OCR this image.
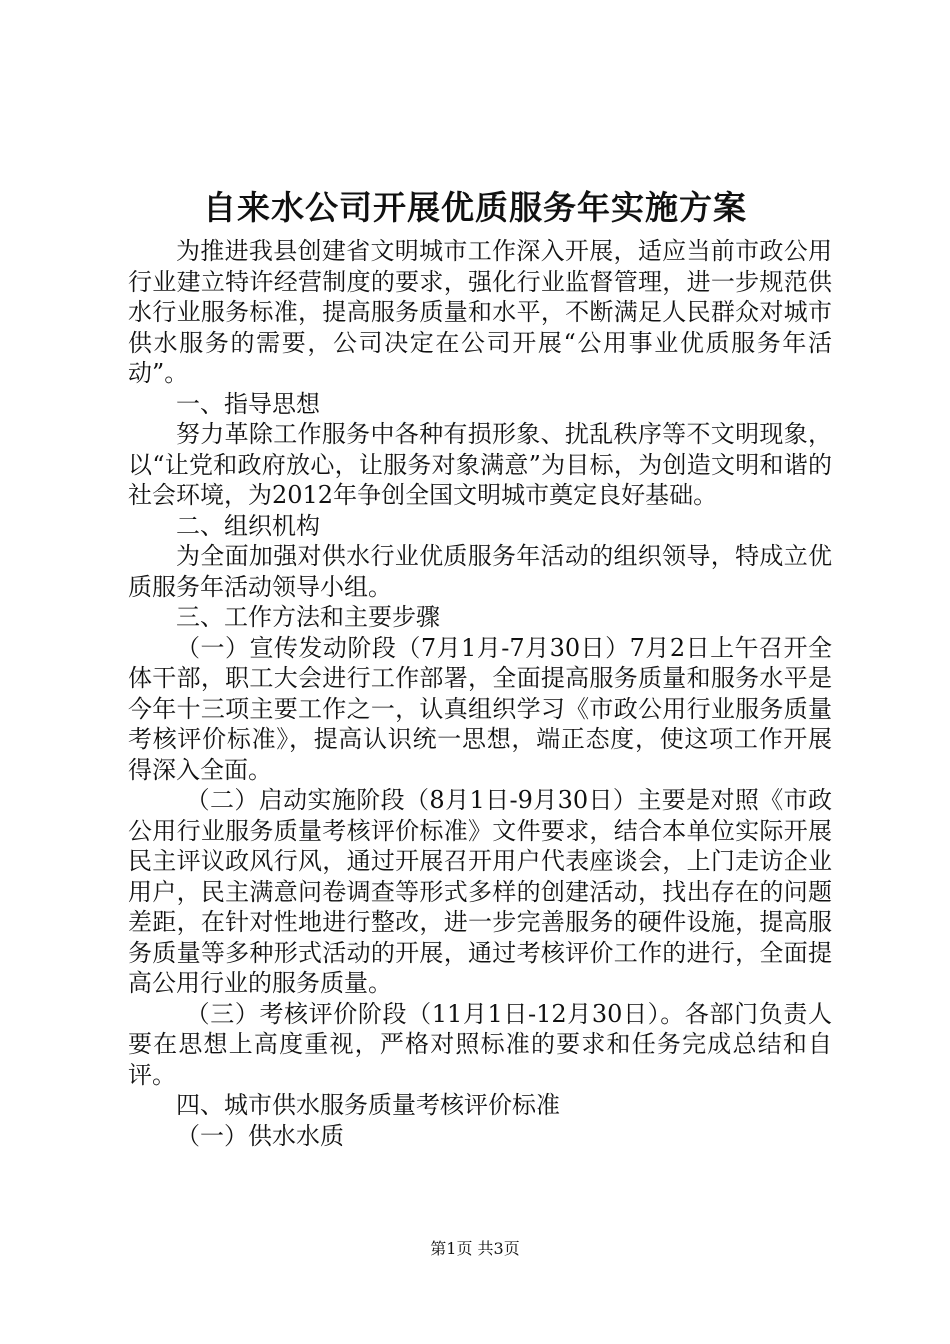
自来水公司开展优质服务年实施方案

为推进我县创建省文明城市工作深入开展，适应当前市政公用行业建立特许经营制度的要求，强化行业监督管理，进一步规范供水行业服务标准，提高服务质量和水平，不断满足人民群众对城市供水服务的需要，公司决定在公司开展“公用事业优质服务年活动”。

一、指导思想

努力革除工作服务中各种有损形象、扰乱秩序等不文明现象，以“让党和政府放心，让服务对象满意”为目标，为创造文明和谐的社会环境，为2012年争创全国文明城市奠定良好基础。

二、组织机构

为全面加强对供水行业优质服务年活动的组织领导，特成立优质服务年活动领导小组。

三、工作方法和主要步骤

（一）宣传发动阶段（7月1月-7月30日）7月2日上午召开全体干部，职工大会进行工作部署，全面提高服务质量和服务水平是今年十三项主要工作之一，认真组织学习《市政公用行业服务质量考核评价标准》，提高认识统一思想，端正态度，使这项工作开展得深入全面。

（二）启动实施阶段（8月1日-9月30日）主要是对照《市政公用行业服务质量考核评价标准》文件要求，结合本单位实际开展民主评议政风行风，通过开展召开用户代表座谈会，上门走访企业用户，民主满意问卷调查等形式多样的创建活动，找出存在的问题差距，在针对性地进行整改，进一步完善服务的硬件设施，提高服务质量等多种形式活动的开展，通过考核评价工作的进行，全面提高公用行业的服务质量。

（三）考核评价阶段（11月1日-12月30日）。各部门负责人要在思想上高度重视，严格对照标准的要求和任务完成总结和自评。

四、城市供水服务质量考核评价标准

（一）供水水质

第1页 共3页
